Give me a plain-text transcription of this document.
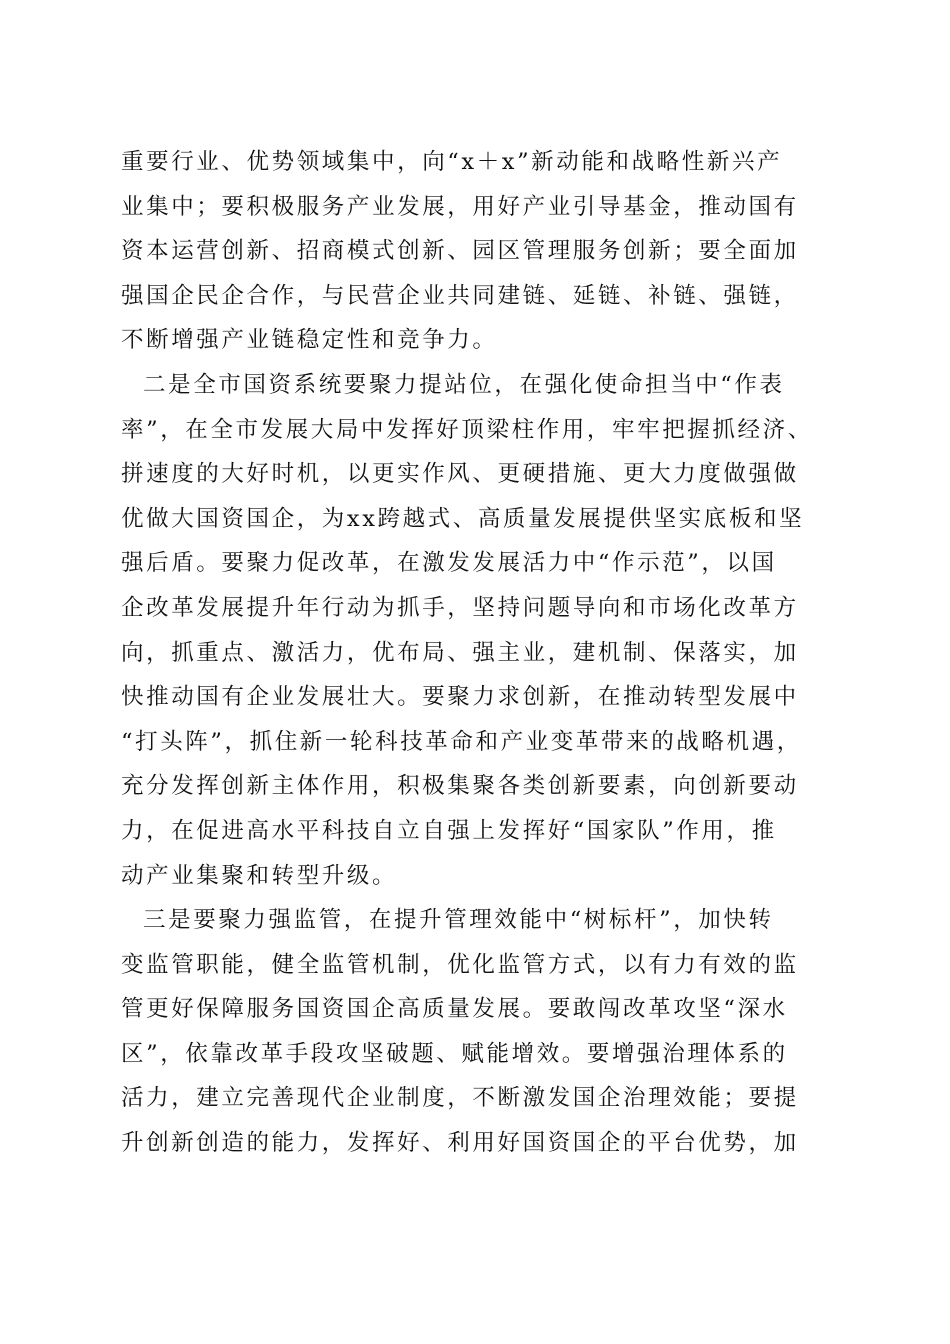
重要行业、优势领域集中，向“x＋x”新动能和战略性新兴产
业集中；要积极服务产业发展，用好产业引导基金，推动国有
资本运营创新、招商模式创新、园区管理服务创新；要全面加
强国企民企合作，与民营企业共同建链、延链、补链、强链，
不断增强产业链稳定性和竞争力。
二是全市国资系统要聚力提站位，在强化使命担当中“作表
率”，在全市发展大局中发挥好顶梁柱作用，牢牢把握抓经济、
拼速度的大好时机，以更实作风、更硬措施、更大力度做强做
优做大国资国企，为xx跨越式、高质量发展提供坚实底板和坚
强后盾。要聚力促改革，在激发发展活力中“作示范”，以国
企改革发展提升年行动为抓手，坚持问题导向和市场化改革方
向，抓重点、激活力，优布局、强主业，建机制、保落实，加
快推动国有企业发展壮大。要聚力求创新，在推动转型发展中
“打头阵”，抓住新一轮科技革命和产业变革带来的战略机遇，
充分发挥创新主体作用，积极集聚各类创新要素，向创新要动
力，在促进高水平科技自立自强上发挥好“国家队”作用，推
动产业集聚和转型升级。
三是要聚力强监管，在提升管理效能中“树标杆”，加快转
变监管职能，健全监管机制，优化监管方式，以有力有效的监
管更好保障服务国资国企高质量发展。要敢闯改革攻坚“深水
区”，依靠改革手段攻坚破题、赋能增效。要增强治理体系的
活力，建立完善现代企业制度，不断激发国企治理效能；要提
升创新创造的能力，发挥好、利用好国资国企的平台优势，加
